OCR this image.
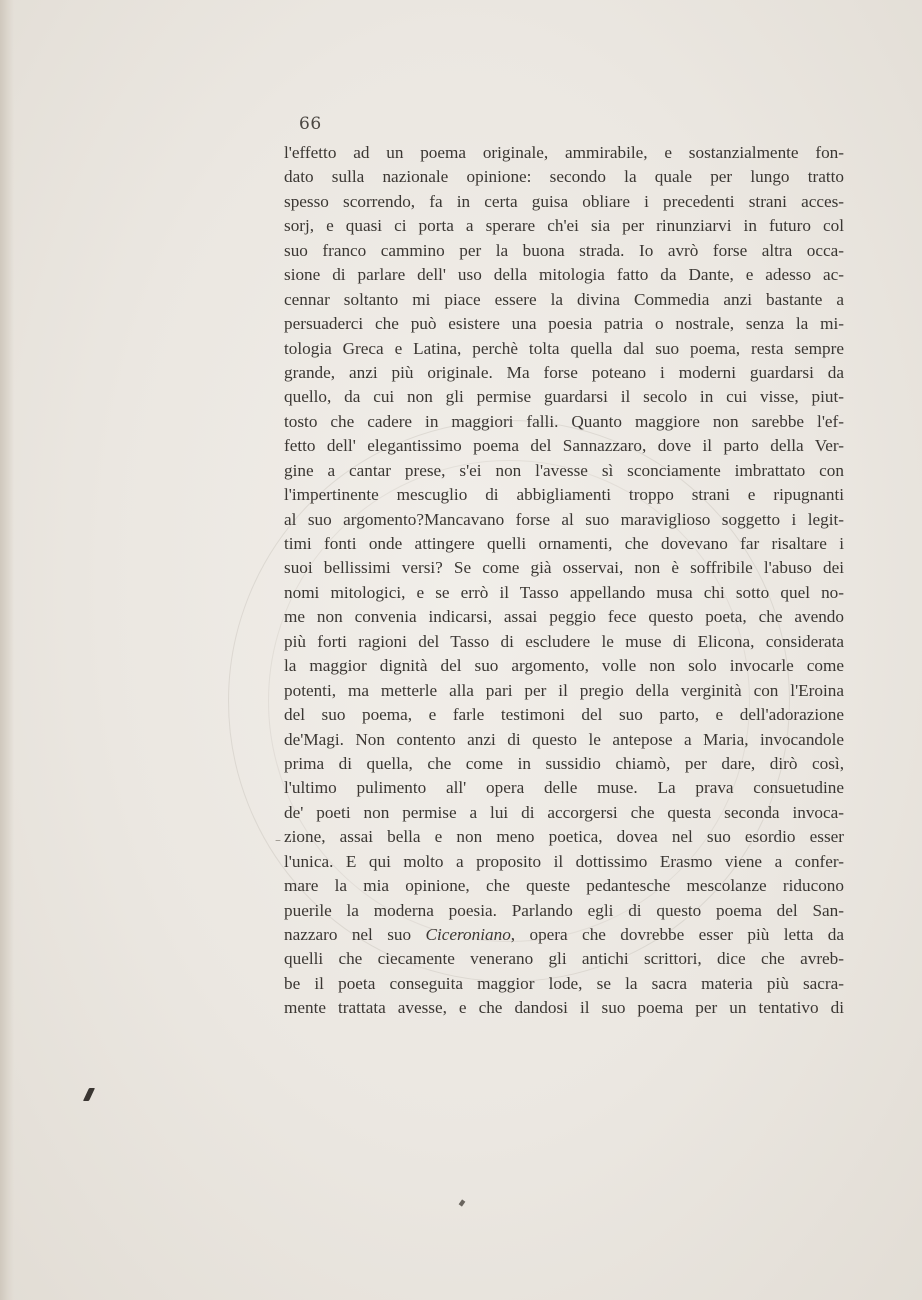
66
l'effetto ad un poema originale, ammirabile, e sostanzialmente fon-
dato sulla nazionale opinione: secondo la quale per lungo tratto
spesso scorrendo, fa in certa guisa obliare i precedenti strani acces-
sorj, e quasi ci porta a sperare ch'ei sia per rinunziarvi in futuro col
suo franco cammino per la buona strada. Io avrò forse altra occa-
sione di parlare dell' uso della mitologia fatto da Dante, e adesso ac-
cennar soltanto mi piace essere la divina Commedia anzi bastante a
persuaderci che può esistere una poesia patria o nostrale, senza la mi-
tologia Greca e Latina, perchè tolta quella dal suo poema, resta sempre
grande, anzi più originale. Ma forse poteano i moderni guardarsi da
quello, da cui non gli permise guardarsi il secolo in cui visse, piut-
tosto che cadere in maggiori falli. Quanto maggiore non sarebbe l'ef-
fetto dell' elegantissimo poema del Sannazzaro, dove il parto della Ver-
gine a cantar prese, s'ei non l'avesse sì sconciamente imbrattato con
l'impertinente mescuglio di abbigliamenti troppo strani e ripugnanti
al suo argomento?Mancavano forse al suo maraviglioso soggetto i legit-
timi fonti onde attingere quelli ornamenti, che dovevano far risaltare i
suoi bellissimi versi? Se come già osservai, non è soffribile l'abuso dei
nomi mitologici, e se errò il Tasso appellando musa chi sotto quel no-
me non convenia indicarsi, assai peggio fece questo poeta, che avendo
più forti ragioni del Tasso di escludere le muse di Elicona, considerata
la maggior dignità del suo argomento, volle non solo invocarle come
potenti, ma metterle alla pari per il pregio della verginità con l'Eroina
del suo poema, e farle testimoni del suo parto, e dell'adorazione
de'Magi. Non contento anzi di questo le antepose a Maria, invocandole
prima di quella, che come in sussidio chiamò, per dare, dirò così,
l'ultimo pulimento all' opera delle muse. La prava consuetudine
de' poeti non permise a lui di accorgersi che questa seconda invoca-
zione, assai bella e non meno poetica, dovea nel suo esordio esser
l'unica. E qui molto a proposito il dottissimo Erasmo viene a confer-
mare la mia opinione, che queste pedantesche mescolanze riducono
puerile la moderna poesia. Parlando egli di questo poema del San-
nazzaro nel suo Ciceroniano, opera che dovrebbe esser più letta da
quelli che ciecamente venerano gli antichi scrittori, dice che avreb-
be il poeta conseguita maggior lode, se la sacra materia più sacra-
mente trattata avesse, e che dandosi il suo poema per un tentativo di
–
